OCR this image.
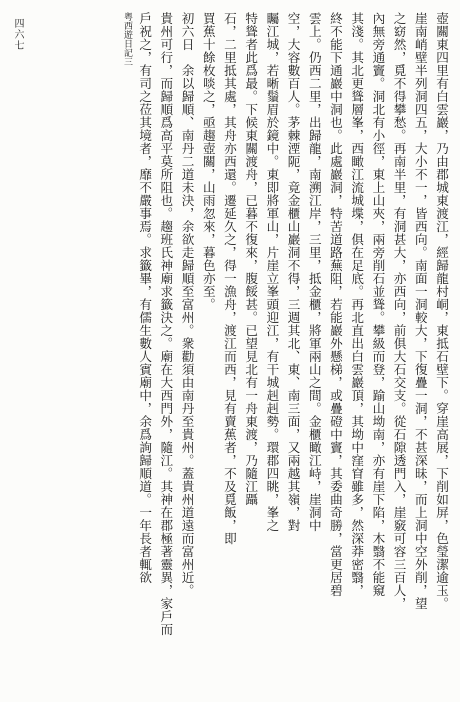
四六七	壺關東四里有白雲巖，乃由郡城東渡江，經歸龍村峒，東抵石壁下。穿崖高展，下削如屏，色瑩潔逾玉。
崖南峭壁半列洞四五，大小不一，皆西向。南面一洞較大，下復疊一洞，不甚深昧，而上洞中空外削，望
之窈然，覓不得攀愁。再南半里，有洞甚大，亦西向，前俱大石交支。從石隙透門入，崖竅可容三百人，
內無旁通竇。洞北有小徑，東上山夾，兩旁削石並聳。攀級而登，踰山坳南，亦有崖下陷，木翳不能窺
其淺。其北更聳層峯，西瞰江流城堞，俱在足底。再北直出白雲巖頂，其坳中窪窅雖多，然深莽密翳，
終不能下通巖中洞也。此處巖洞，特苦道路蕪阻，若能巖外懸梯，或疊磴中竇，其委曲奇勝，當更居碧
雲上。仍西二里，出歸龍，南溯江岸，三里，抵金櫃，將軍兩山之間。金櫃瞰江峙，崖洞中
空，大容數百人。茅棘湮阨，竟金櫃山巖洞不得，三週其北、東、南三面，又兩越其嶺，對
矚江城，若晰鬚眉於鏡中。東即將軍山，片崖立峯頭迎江，有干城赳赳勢。環郡四眺，峯之
特聳者此爲最。下候東關渡舟，已暮不復來，腹餒甚。已望見北有一舟東渡，乃隨江躡
石，二里抵其處，其舟亦西還。遷延久之，得一漁舟，渡江而西，見有賣蕉者，不及覓飯，即
買蕉十餘枚啖之，亟趨壺關，山雨忽來，暮色亦至。
初六日　余以歸順、南丹二道未決，余欲走歸順至富州。衆勸須由南丹至貴州。蓋貴州道遠而富州近。
貴州可行，而歸順爲高平莫所阻也。趨班氏神廟求籤決之。廟在大西門外，隨江。其神在郡極著靈異，家戶而
戶祝之，有司之莅其境者，靡不嚴事焉。求籤畢，有儒生數人賓廟中，余爲詢歸順道。一年長者輒欲
粤西遊日記三
